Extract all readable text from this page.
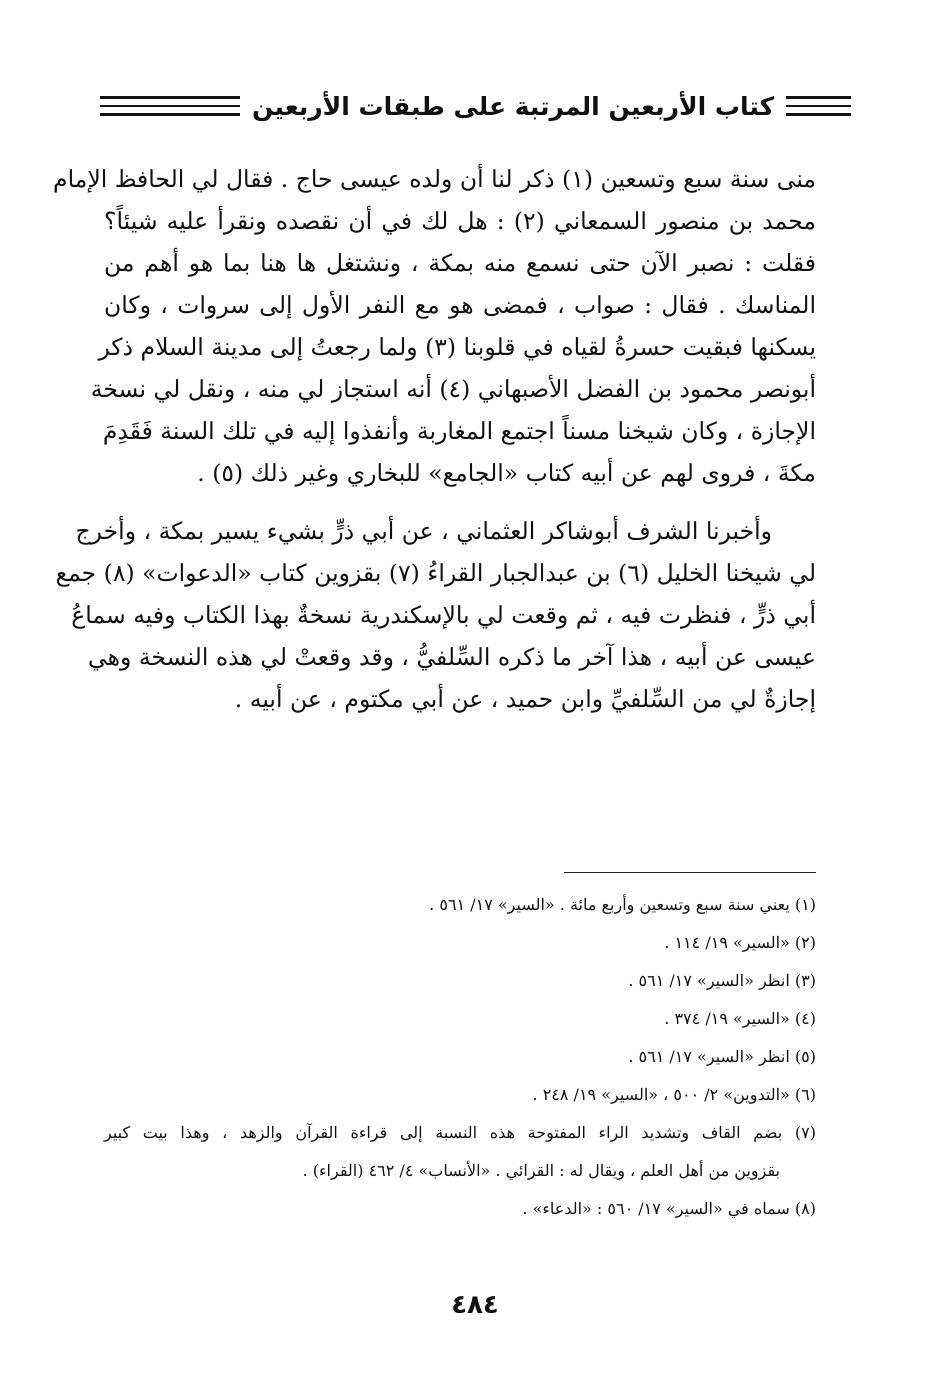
كتاب الأربعين المرتبة على طبقات الأربعين
منى سنة سبع وتسعين (١) ذكر لنا أن ولده عيسى حاج . فقال لي الحافظ الإمام
محمد بن منصور السمعاني (٢) : هل لك في أن نقصده ونقرأ عليه شيئاً؟
فقلت : نصبر الآن حتى نسمع منه بمكة ، ونشتغل ها هنا بما هو أهم من
المناسك . فقال : صواب ، فمضى هو مع النفر الأول إلى سروات ، وكان
يسكنها فبقيت حسرةُ لقياه في قلوبنا (٣) ولما رجعتُ إلى مدينة السلام ذكر
أبونصر محمود بن الفضل الأصبهاني (٤) أنه استجاز لي منه ، ونقل لي نسخة
الإجازة ، وكان شيخنا مسناً اجتمع المغاربة وأنفذوا إليه في تلك السنة فَقَدِمَ
مكةَ ، فروى لهم عن أبيه كتاب «الجامع» للبخاري وغير ذلك (٥) .
وأخبرنا الشرف أبوشاكر العثماني ، عن أبي ذرٍّ بشيء يسير بمكة ، وأخرج
لي شيخنا الخليل (٦) بن عبدالجبار القراءُ (٧) بقزوين كتاب «الدعوات» (٨) جمع
أبي ذرٍّ ، فنظرت فيه ، ثم وقعت لي بالإسكندرية نسخةٌ بهذا الكتاب وفيه سماعُ
عيسى عن أبيه ، هذا آخر ما ذكره السِّلفيُّ ، وقد وقعتْ لي هذه النسخة وهي
إجازةٌ لي من السِّلفيِّ وابن حميد ، عن أبي مكتوم ، عن أبيه .
(١) يعني سنة سبع وتسعين وأربع مائة . «السير» ١٧/ ٥٦١ .
(٢) «السير» ١٩/ ١١٤ .
(٣) انظر «السير» ١٧/ ٥٦١ .
(٤) «السير» ١٩/ ٣٧٤ .
(٥) انظر «السير» ١٧/ ٥٦١ .
(٦) «التدوين» ٢/ ٥٠٠ ، «السير» ١٩/ ٢٤٨ .
(٧) بضم القاف وتشديد الراء المفتوحة هذه النسبة إلى قراءة القرآن والزهد ، وهذا بيت كبير
بقزوين من أهل العلم ، ويقال له : القرائي . «الأنساب» ٤/ ٤٦٢ (القراء) .
(٨) سماه في «السير» ١٧/ ٥٦٠ : «الدعاء» .
٤٨٤
